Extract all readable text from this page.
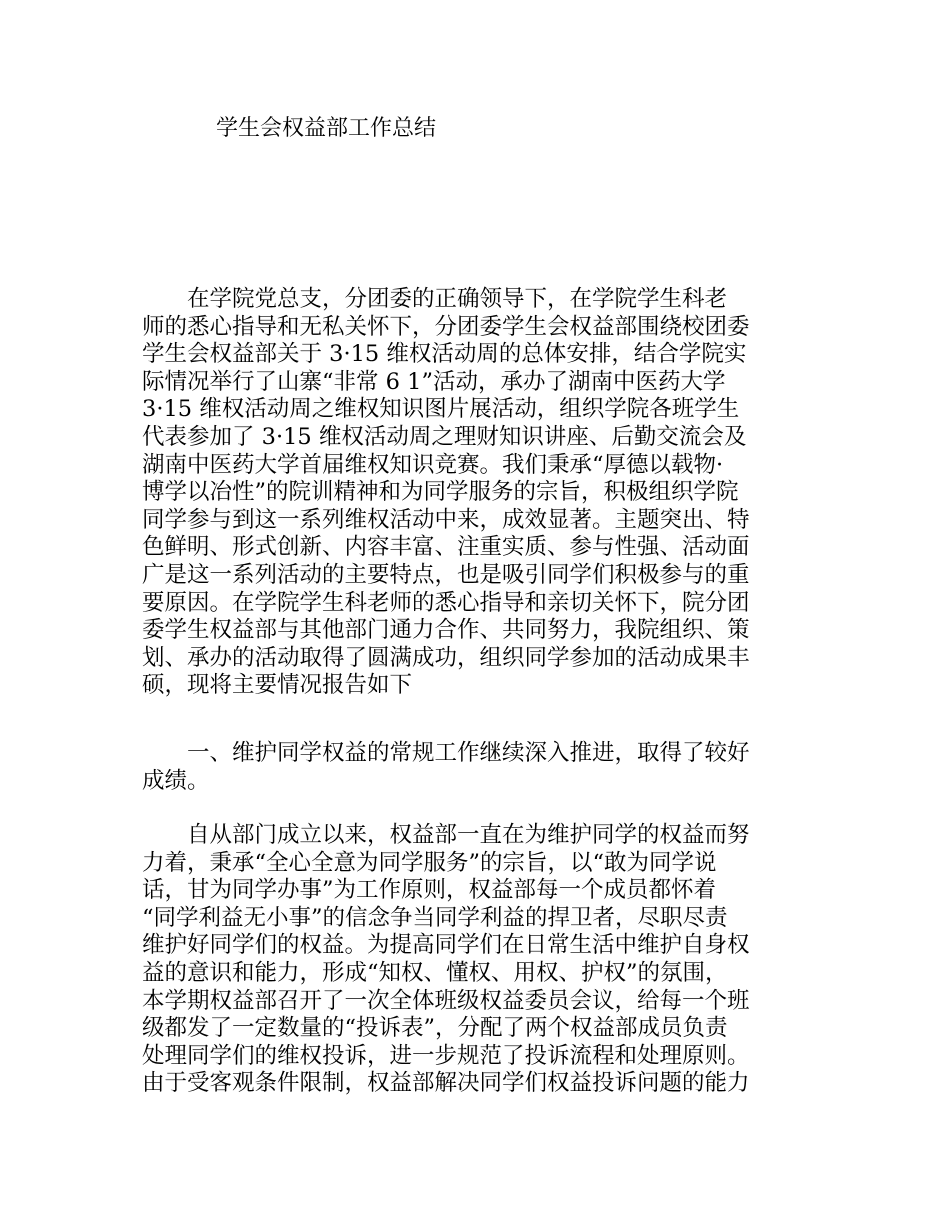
学生会权益部工作总结
　　在学院党总支，分团委的正确领导下，在学院学生科老
师的悉心指导和无私关怀下，分团委学生会权益部围绕校团委
学生会权益部关于 3·15 维权活动周的总体安排，结合学院实
际情况举行了山寨“非常 6 1”活动，承办了湖南中医药大学
3·15 维权活动周之维权知识图片展活动，组织学院各班学生
代表参加了 3·15 维权活动周之理财知识讲座、后勤交流会及
湖南中医药大学首届维权知识竞赛。我们秉承“厚德以载物·
博学以冶性”的院训精神和为同学服务的宗旨，积极组织学院
同学参与到这一系列维权活动中来，成效显著。主题突出、特
色鲜明、形式创新、内容丰富、注重实质、参与性强、活动面
广是这一系列活动的主要特点，也是吸引同学们积极参与的重
要原因。在学院学生科老师的悉心指导和亲切关怀下，院分团
委学生权益部与其他部门通力合作、共同努力，我院组织、策
划、承办的活动取得了圆满成功，组织同学参加的活动成果丰
硕，现将主要情况报告如下
　　一、维护同学权益的常规工作继续深入推进，取得了较好
成绩。
　　自从部门成立以来，权益部一直在为维护同学的权益而努
力着，秉承“全心全意为同学服务”的宗旨，以“敢为同学说
话，甘为同学办事”为工作原则，权益部每一个成员都怀着
“同学利益无小事”的信念争当同学利益的捍卫者，尽职尽责
维护好同学们的权益。为提高同学们在日常生活中维护自身权
益的意识和能力，形成“知权、懂权、用权、护权”的氛围，
本学期权益部召开了一次全体班级权益委员会议，给每一个班
级都发了一定数量的“投诉表”，分配了两个权益部成员负责
处理同学们的维权投诉，进一步规范了投诉流程和处理原则。
由于受客观条件限制，权益部解决同学们权益投诉问题的能力
